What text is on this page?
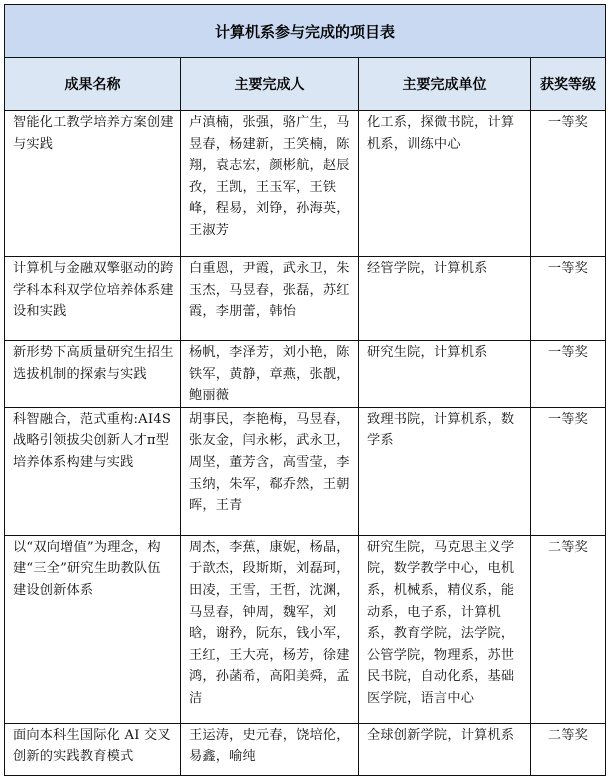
计算机系参与完成的项目表			
成果名称	主要完成人	主要完成单位	获奖等级

智能化工教学培养方案创建与实践	卢滇楠，张强，骆广生，马昱春，杨建新，王笑楠，陈翔，袁志宏，颜彬航，赵辰孜，王凯，王玉军，王铁峰，程易，刘铮，孙海英，王淑芳	化工系，探微书院，计算机系，训练中心	一等奖

计算机与金融双擎驱动的跨学科本科双学位培养体系建设和实践	白重恩，尹霞，武永卫，朱玉杰，马昱春，张磊，苏红霞，李朋蕾，韩怡	经管学院，计算机系	一等奖

新形势下高质量研究生招生选拔机制的探索与实践	杨帆，李泽芳，刘小艳，陈铁军，黄静，章燕，张靓，鲍丽薇	研究生院，计算机系	一等奖

科智融合，范式重构:AI4S 战略引领拔尖创新人才π型培养体系构建与实践	胡事民，李艳梅，马昱春，张友金，闫永彬，武永卫，周坚，董芳含，高雪莹，李玉纳，朱军，郗乔然，王朝晖，王青	致理书院，计算机系，数学系	一等奖

以“双向增值”为理念，构建“三全”研究生助教队伍建设创新体系	周杰，李蕉，康妮，杨晶，于歆杰，段斯斯，刘磊珂，田凌，王雪，王哲，沈渊，马昱春，钟周，魏军，刘晗，谢矜，阮东，钱小军，王红，王大亮，杨芳，徐建鸿，孙菡希，高阳美舜，孟洁	研究生院，马克思主义学院，数学教学中心，电机系，机械系，精仪系，能动系，电子系，计算机系，教育学院，法学院，公管学院，物理系，苏世民书院，自动化系，基础医学院，语言中心	二等奖

面向本科生国际化 AI 交叉创新的实践教育模式	王运涛，史元春，饶培伦，易鑫，喻纯	全球创新学院，计算机系	二等奖
